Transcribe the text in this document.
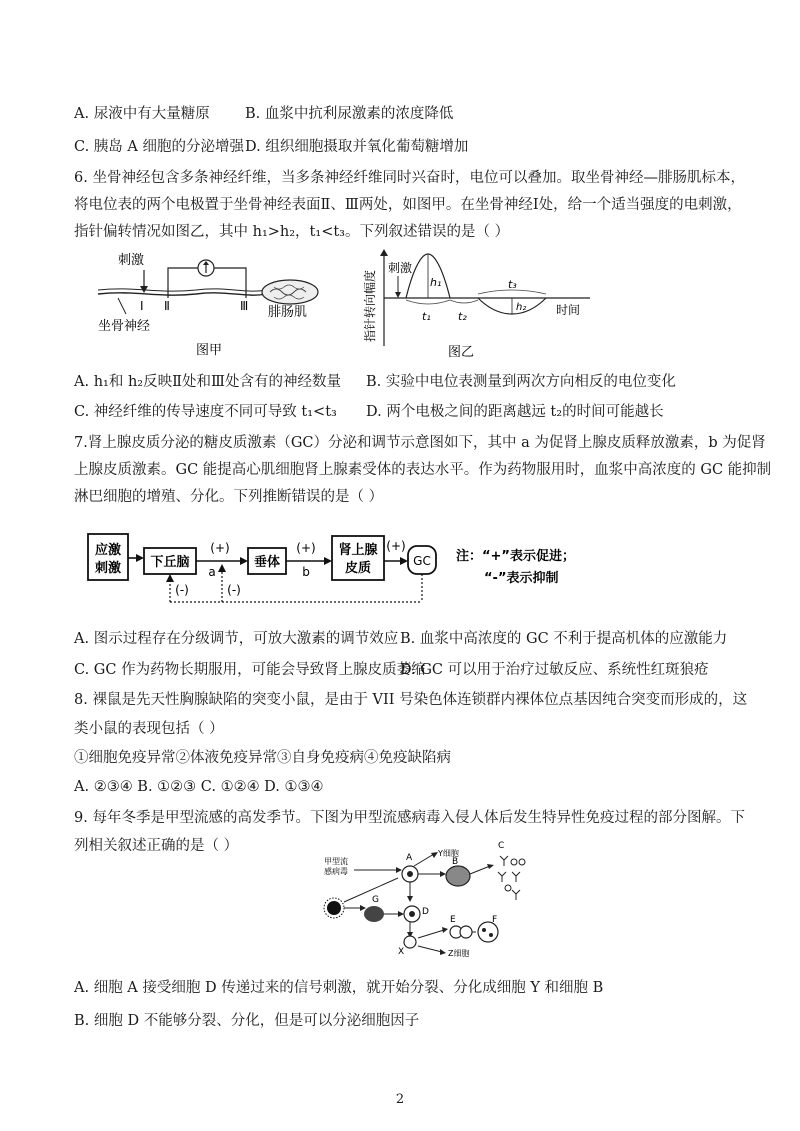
A. 尿液中有大量糖原 B. 血浆中抗利尿激素的浓度降低
C. 胰岛 A 细胞的分泌增强 D. 组织细胞摄取并氧化葡萄糖增加
6. 坐骨神经包含多条神经纤维，当多条神经纤维同时兴奋时，电位可以叠加。取坐骨神经—腓肠肌标本，
将电位表的两个电极置于坐骨神经表面Ⅱ、Ⅲ两处，如图甲。在坐骨神经Ⅰ处，给一个适当强度的电刺激，
指针偏转情况如图乙，其中 h₁>h₂，t₁<t₃。下列叙述错误的是（ ）
刺激
Ⅰ Ⅱ	Ⅲ 腓肠肌
坐骨神经
图甲
指针转向幅度
刺激
h₁
h₂
t₁ t₂
t₃
时间
图乙
A. h₁和 h₂反映Ⅱ处和Ⅲ处含有的神经数量 B. 实验中电位表测量到两次方向相反的电位变化
C. 神经纤维的传导速度不同可导致 t₁<t₃ D. 两个电极之间的距离越远 t₂的时间可能越长
7.肾上腺皮质分泌的糖皮质激素（GC）分泌和调节示意图如下，其中 a 为促肾上腺皮质释放激素，b 为促肾
上腺皮质激素。GC 能提高心肌细胞肾上腺素受体的表达水平。作为药物服用时，血浆中高浓度的 GC 能抑制
淋巴细胞的增殖、分化。下列推断错误的是（ ）
应激
刺激 下丘脑
(+)
a
垂体
(+)
b
肾上腺
皮质
(+)
GC
(-)	(-)
注：“+”表示促进；
“-”表示抑制
A. 图示过程存在分级调节，可放大激素的调节效应 B. 血浆中高浓度的 GC 不利于提高机体的应激能力
C. GC 作为药物长期服用，可能会导致肾上腺皮质萎缩
D. GC 可以用于治疗过敏反应、系统性红斑狼疮
8. 裸鼠是先天性胸腺缺陷的突变小鼠，是由于 VII 号染色体连锁群内裸体位点基因纯合突变而形成的，这
类小鼠的表现包括（ ）
①细胞免疫异常②体液免疫异常③自身免疫病④免疫缺陷病
A. ②③④ B. ①②③ C. ①②④ D. ①③④
9. 每年冬季是甲型流感的高发季节。下图为甲型流感病毒入侵人体后发生特异性免疫过程的部分图解。下
列相关叙述正确的是（ ）
甲型流
感病毒
G
A	Y细胞
B
C
D
X	Z细胞
E	F
A. 细胞 A 接受细胞 D 传递过来的信号刺激，就开始分裂、分化成细胞 Y 和细胞 B
B. 细胞 D 不能够分裂、分化，但是可以分泌细胞因子
2
